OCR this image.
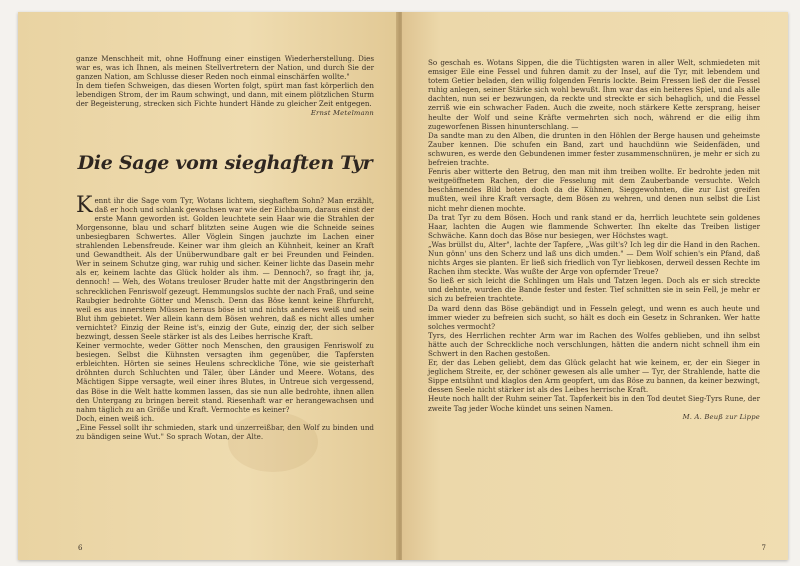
ganze Menschheit mit, ohne Hoffnung einer einstigen Wiederherstellung. Dies war es, was ich Ihnen, als meinen Stellvertretern der Nation, und durch Sie der ganzen Nation, am Schlusse dieser Reden noch einmal einschärfen wollte."

In dem tiefen Schweigen, das diesen Worten folgt, spürt man fast körperlich den lebendigen Strom, der im Raum schwingt, und dann, mit einem plötzlichen Sturm der Begeisterung, strecken sich Fichte hundert Hände zu gleicher Zeit entgegen.

Ernst Metelmann
Die Sage vom sieghaften Tyr

Kennt ihr die Sage vom Tyr, Wotans lichtem, sieghaftem Sohn? Man erzählt, daß er hoch und schlank gewachsen war wie der Eichbaum, daraus einst der erste Mann geworden ist. Golden leuchtete sein Haar wie die Strahlen der Morgensonne, blau und scharf blitzten seine Augen wie die Schneide seines unbesiegbaren Schwertes. Aller Vöglein Singen jauchzte im Lachen einer strahlenden Lebensfreude. Keiner war ihm gleich an Kühnheit, keiner an Kraft und Gewandtheit. Als der Unüberwundbare galt er bei Freunden und Feinden. Wer in seinem Schutze ging, war ruhig und sicher. Keiner lichte das Dasein mehr als er, keinem lachte das Glück holder als ihm. — Dennoch?, so fragt ihr, ja, dennoch! — Weh, des Wotans treuloser Bruder hatte mit der Angstbringerin den schrecklichen Fenriswolf gezeugt. Hemmungslos suchte der nach Fraß, und seine Raubgier bedrohte Götter und Mensch. Denn das Böse kennt keine Ehrfurcht, weil es aus innerstem Müssen heraus böse ist und nichts anderes weiß und sein Blut ihm gebietet. Wer allein kann dem Bösen wehren, daß es nicht alles umher vernichtet? Einzig der Reine ist's, einzig der Gute, einzig der, der sich selber bezwingt, dessen Seele stärker ist als des Leibes herrische Kraft.

Keiner vermochte, weder Götter noch Menschen, den grausigen Fenriswolf zu besiegen. Selbst die Kühnsten versagten ihm gegenüber, die Tapfersten erbleichten. Hörten sie seines Heulens schreckliche Töne, wie sie geisterhaft dröhnten durch Schluchten und Täler, über Länder und Meere. Wotans, des Mächtigen Sippe versagte, weil einer ihres Blutes, in Untreue sich vergessend, das Böse in die Welt hatte kommen lassen, das sie nun alle bedrohte, ihnen allen den Untergang zu bringen bereit stand. Riesenhaft war er herangewachsen und nahm täglich zu an Größe und Kraft. Vermochte es keiner?

Doch, einen weiß ich.

„Eine Fessel sollt ihr schmieden, stark und unzerreißbar, den Wolf zu binden und zu bändigen seine Wut." So sprach Wotan, der Alte.

6

So geschah es. Wotans Sippen, die die Tüchtigsten waren in aller Welt, schmiedeten mit emsiger Eile eine Fessel und fuhren damit zu der Insel, auf die Tyr, mit lebendem und totem Getier beladen, den willig folgenden Fenris lockte. Beim Fressen ließ der die Fessel ruhig anlegen, seiner Stärke sich wohl bewußt. Ihm war das ein heiteres Spiel, und als alle dachten, nun sei er bezwungen, da reckte und streckte er sich behaglich, und die Fessel zerriß wie ein schwacher Faden. Auch die zweite, noch stärkere Kette zersprang, heiser heulte der Wolf und seine Kräfte vermehrten sich noch, während er die eilig ihm zugeworfenen Bissen hinunterschlang. —

Da sandte man zu den Alben, die drunten in den Höhlen der Berge hausen und geheimste Zauber kennen. Die schufen ein Band, zart und hauchdünn wie Seidenfäden, und schwuren, es werde den Gebundenen immer fester zusammenschnüren, je mehr er sich zu befreien trachte.

Fenris aber witterte den Betrug, den man mit ihm treiben wollte. Er bedrohte jeden mit weitgeöffnetem Rachen, der die Fesselung mit dem Zauberbande versuchte. Welch beschämendes Bild boten doch da die Kühnen, Sieggewohnten, die zur List greifen mußten, weil ihre Kraft versagte, dem Bösen zu wehren, und denen nun selbst die List nicht mehr dienen mochte.

Da trat Tyr zu dem Bösen. Hoch und rank stand er da, herrlich leuchtete sein goldenes Haar, lachten die Augen wie flammende Schwerter. Ihn ekelte das Treiben listiger Schwäche. Kann doch das Böse nur besiegen, wer Höchstes wagt.

„Was brüllst du, Alter", lachte der Tapfere, „Was gilt's? Ich leg dir die Hand in den Rachen. Nun gönn' uns den Scherz und laß uns dich umden." — Dem Wolf schien's ein Pfand, daß nichts Arges sie planten. Er ließ sich friedlich von Tyr liebkosen, derweil dessen Rechte im Rachen ihm steckte. Was wußte der Arge von opfernder Treue?

So ließ er sich leicht die Schlingen um Hals und Tatzen legen. Doch als er sich streckte und dehnte, wurden die Bande fester und fester. Tief schnitten sie in sein Fell, je mehr er sich zu befreien trachtete.

Da ward denn das Böse gebändigt und in Fesseln gelegt, und wenn es auch heute und immer wieder zu befreien sich sucht, so hält es doch ein Gesetz in Schranken. Wer hatte solches vermocht?

Tyrs, des Herrlichen rechter Arm war im Rachen des Wolfes geblieben, und ihn selbst hätte auch der Schreckliche noch verschlungen, hätten die andern nicht schnell ihm ein Schwert in den Rachen gestoßen.

Er, der das Leben geliebt, dem das Glück gelacht hat wie keinem, er, der ein Sieger in jeglichem Streite, er, der schöner gewesen als alle umher — Tyr, der Strahlende, hatte die Sippe entsühnt und klaglos den Arm geopfert, um das Böse zu bannen, da keiner bezwingt, dessen Seele nicht stärker ist als des Leibes herrische Kraft.

Heute noch hallt der Ruhm seiner Tat. Tapferkeit bis in den Tod deutet Sieg-Tyrs Rune, der zweite Tag jeder Woche kündet uns seinen Namen.

M. A. Beuß zur Lippe
7
